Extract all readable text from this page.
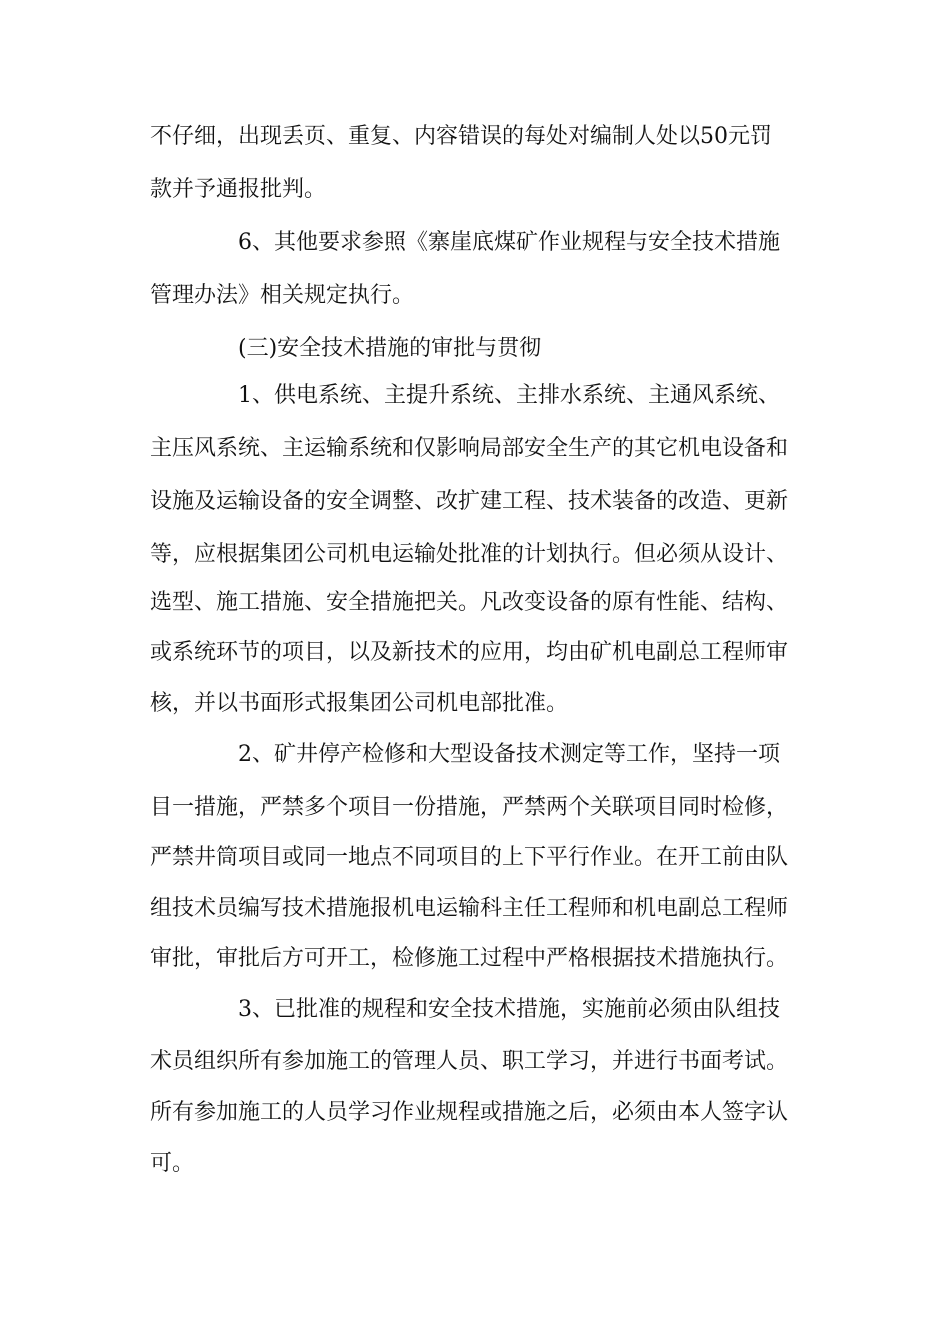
不仔细，出现丢页、重复、内容错误的每处对编制人处以50元罚

款并予通报批判。

6、其他要求参照《寨崖底煤矿作业规程与安全技术措施

管理办法》相关规定执行。

(三)安全技术措施的审批与贯彻

1、供电系统、主提升系统、主排水系统、主通风系统、

主压风系统、主运输系统和仅影响局部安全生产的其它机电设备和

设施及运输设备的安全调整、改扩建工程、技术装备的改造、更新

等，应根据集团公司机电运输处批准的计划执行。但必须从设计、

选型、施工措施、安全措施把关。凡改变设备的原有性能、结构、

或系统环节的项目，以及新技术的应用，均由矿机电副总工程师审

核，并以书面形式报集团公司机电部批准。

2、矿井停产检修和大型设备技术测定等工作，坚持一项

目一措施，严禁多个项目一份措施，严禁两个关联项目同时检修，

严禁井筒项目或同一地点不同项目的上下平行作业。在开工前由队

组技术员编写技术措施报机电运输科主任工程师和机电副总工程师

审批，审批后方可开工，检修施工过程中严格根据技术措施执行。

3、已批准的规程和安全技术措施，实施前必须由队组技

术员组织所有参加施工的管理人员、职工学习，并进行书面考试。

所有参加施工的人员学习作业规程或措施之后，必须由本人签字认

可。
